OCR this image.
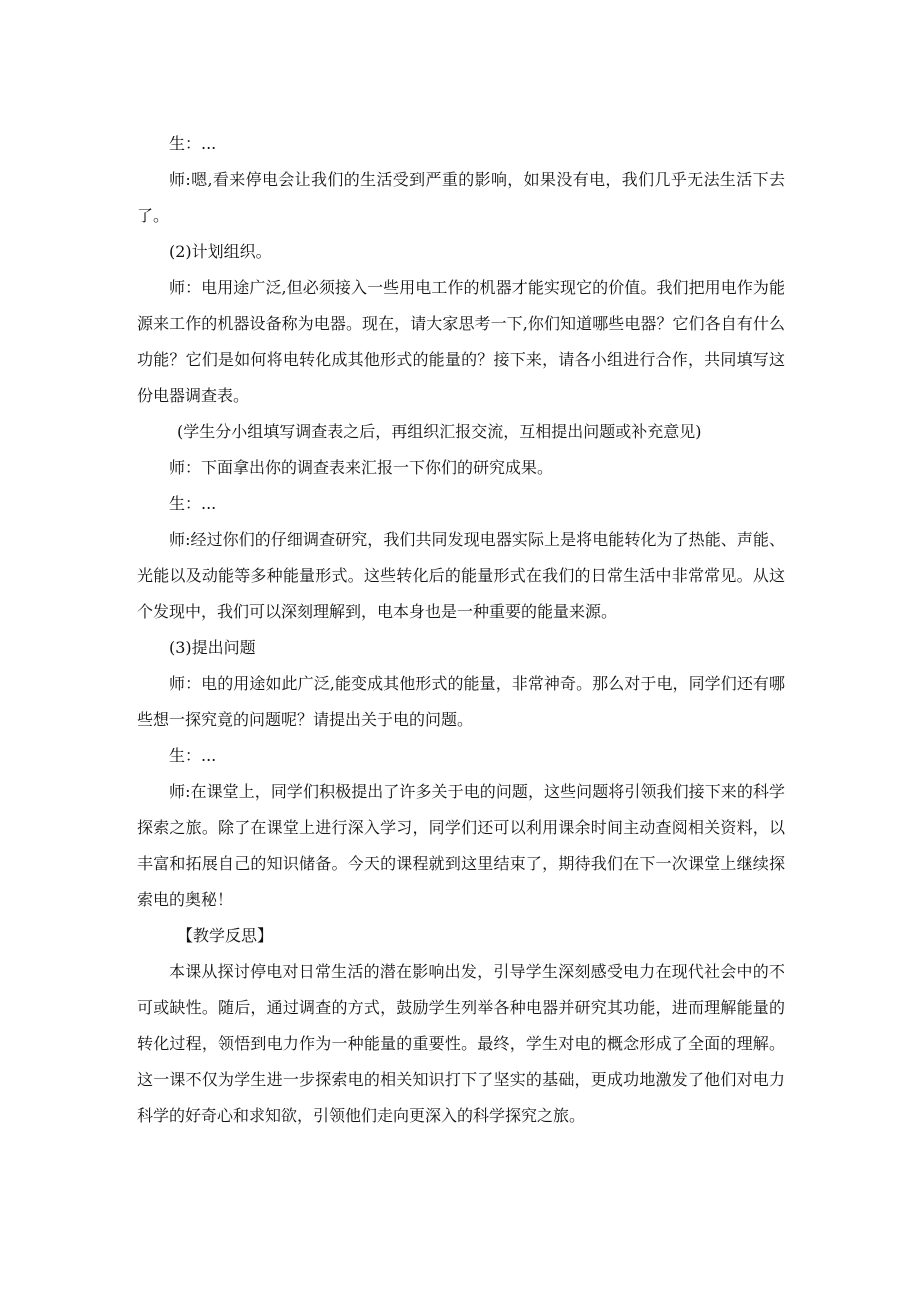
生：...

师:嗯,看来停电会让我们的生活受到严重的影响，如果没有电，我们几乎无法生活下去了。

(2)计划组织。

师：电用途广泛,但必须接入一些用电工作的机器才能实现它的价值。我们把用电作为能源来工作的机器设备称为电器。现在，请大家思考一下,你们知道哪些电器？它们各自有什么功能？它们是如何将电转化成其他形式的能量的？接下来，请各小组进行合作，共同填写这份电器调查表。

(学生分小组填写调查表之后，再组织汇报交流，互相提出问题或补充意见)

师：下面拿出你的调查表来汇报一下你们的研究成果。

生：...

师:经过你们的仔细调查研究，我们共同发现电器实际上是将电能转化为了热能、声能、光能以及动能等多种能量形式。这些转化后的能量形式在我们的日常生活中非常常见。从这个发现中，我们可以深刻理解到，电本身也是一种重要的能量来源。

(3)提出问题

师：电的用途如此广泛,能变成其他形式的能量，非常神奇。那么对于电，同学们还有哪些想一探究竟的问题呢？请提出关于电的问题。

生：...

师:在课堂上，同学们积极提出了许多关于电的问题，这些问题将引领我们接下来的科学探索之旅。除了在课堂上进行深入学习，同学们还可以利用课余时间主动查阅相关资料，以丰富和拓展自己的知识储备。今天的课程就到这里结束了，期待我们在下一次课堂上继续探索电的奥秘！

【教学反思】

本课从探讨停电对日常生活的潜在影响出发，引导学生深刻感受电力在现代社会中的不可或缺性。随后，通过调查的方式，鼓励学生列举各种电器并研究其功能，进而理解能量的转化过程，领悟到电力作为一种能量的重要性。最终，学生对电的概念形成了全面的理解。这一课不仅为学生进一步探索电的相关知识打下了坚实的基础，更成功地激发了他们对电力科学的好奇心和求知欲，引领他们走向更深入的科学探究之旅。
